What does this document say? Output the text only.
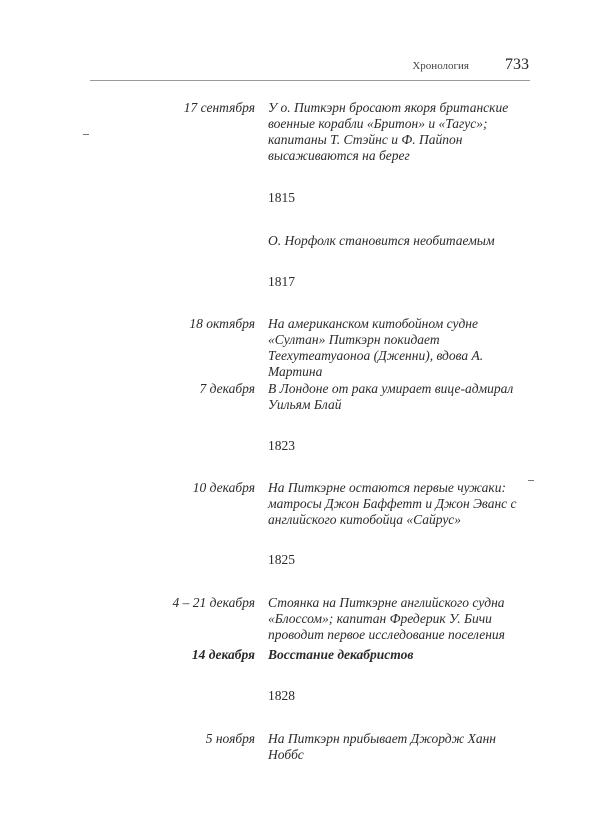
Хронология 733
17 сентября У о. Питкэрн бросают якоря британские военные корабли «Бритон» и «Тагус»; капитаны Т. Стэйнс и Ф. Пайпон высаживаются на берег
1815
О. Норфолк становится необитаемым
1817
18 октября На американском китобойном судне «Султан» Питкэрн покидает Теехутеатуаонoa (Дженни), вдова А. Мартина
7 декабря В Лондоне от рака умирает вице-адмирал Уильям Блай
1823
10 декабря На Питкэрне остаются первые чужаки: матросы Джон Баффетт и Джон Эванс с английского китобойца «Сайрус»
1825
4 – 21 декабря Стоянка на Питкэрне английского судна «Блоссом»; капитан Фредерик У. Бичи проводит первое исследование поселения
14 декабря Восстание декабристов
1828
5 ноября На Питкэрн прибывает Джордж Ханн Ноббс
